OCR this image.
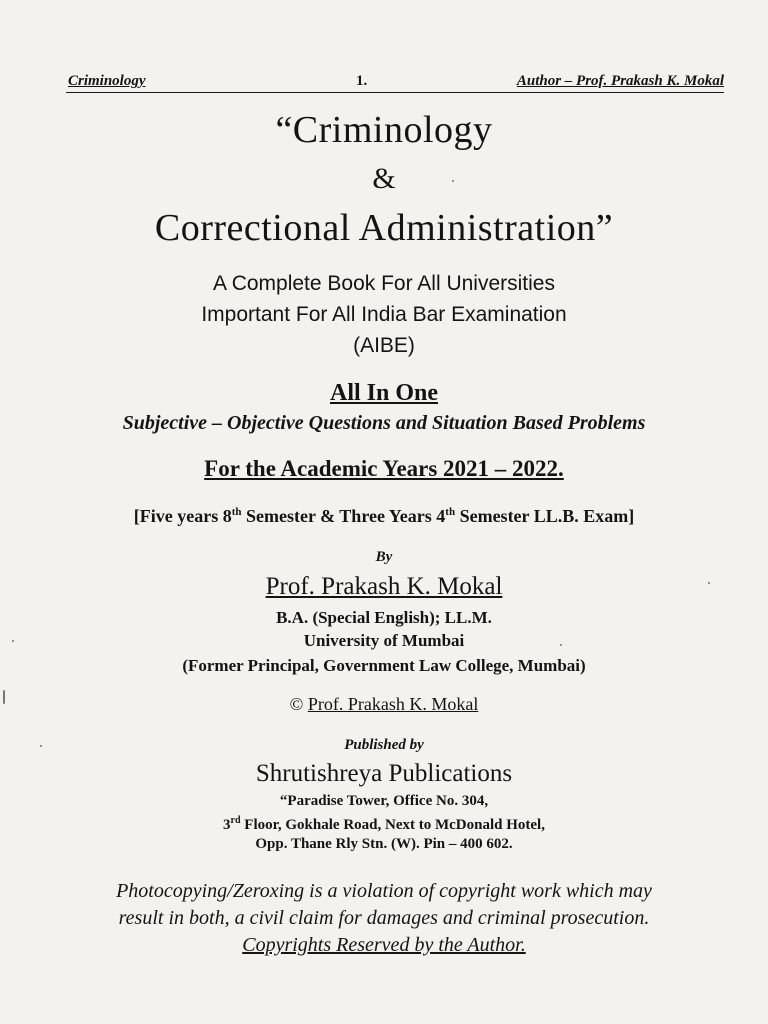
Criminology	1.	Author – Prof. Prakash K. Mokal
“Criminology
&
Correctional Administration”
A Complete Book For All Universities
Important For All India Bar Examination
(AIBE)
All In One
Subjective – Objective Questions and Situation Based Problems
For the Academic Years 2021 – 2022.
[Five years 8th Semester & Three Years 4th Semester LL.B. Exam]
By
Prof. Prakash K. Mokal
B.A. (Special English); LL.M.
University of Mumbai
(Former Principal, Government Law College, Mumbai)
© Prof. Prakash K. Mokal
Published by
Shrutishreya Publications
“Paradise Tower, Office No. 304,
3rd Floor, Gokhale Road, Next to McDonald Hotel,
Opp. Thane Rly Stn. (W). Pin – 400 602.
Photocopying/Zeroxing is a violation of copyright work which may
result in both, a civil claim for damages and criminal prosecution.
Copyrights Reserved by the Author.
